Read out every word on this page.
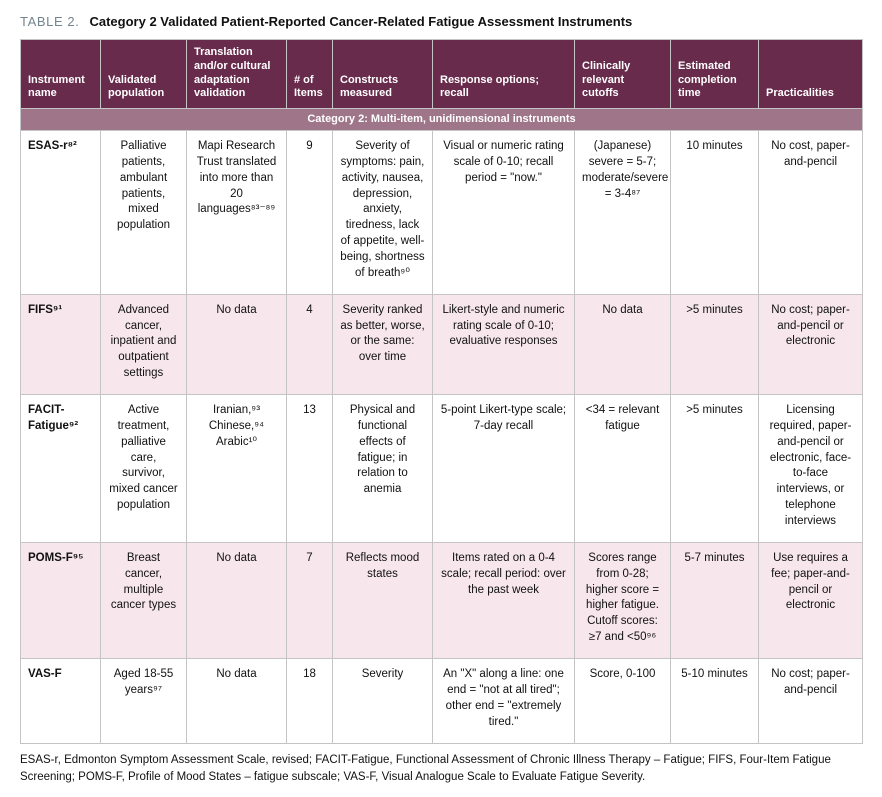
TABLE 2. Category 2 Validated Patient-Reported Cancer-Related Fatigue Assessment Instruments
Instrument name	Validated population	Translation and/or cultural adaptation validation	# of Items	Constructs measured	Response options; recall	Clinically relevant cutoffs	Estimated completion time	Practicalities
Category 2: Multi-item, unidimensional instruments								
ESAS-r⁸²	Palliative patients, ambulant patients, mixed population	Mapi Research Trust translated into more than 20 languages⁸³⁻⁸⁹	9	Severity of symptoms: pain, activity, nausea, depression, anxiety, tiredness, lack of appetite, well-being, shortness of breath⁹⁰	Visual or numeric rating scale of 0-10; recall period = "now."	(Japanese) severe = 5-7; moderate/severe = 3-4⁸⁷	10 minutes	No cost, paper-and-pencil
FIFS⁹¹	Advanced cancer, inpatient and outpatient settings	No data	4	Severity ranked as better, worse, or the same: over time	Likert-style and numeric rating scale of 0-10; evaluative responses	No data	>5 minutes	No cost; paper-and-pencil or electronic
FACIT-Fatigue⁹²	Active treatment, palliative care, survivor, mixed cancer population	Iranian,⁹³ Chinese,⁹⁴ Arabic¹⁰	13	Physical and functional effects of fatigue; in relation to anemia	5-point Likert-type scale; 7-day recall	<34 = relevant fatigue	>5 minutes	Licensing required, paper-and-pencil or electronic, face-to-face interviews, or telephone interviews
POMS-F⁹⁵	Breast cancer, multiple cancer types	No data	7	Reflects mood states	Items rated on a 0-4 scale; recall period: over the past week	Scores range from 0-28; higher score = higher fatigue. Cutoff scores: ≥7 and <50⁹⁶	5-7 minutes	Use requires a fee; paper-and-pencil or electronic
VAS-F	Aged 18-55 years⁹⁷	No data	18	Severity	An "X" along a line: one end = "not at all tired"; other end = "extremely tired."	Score, 0-100	5-10 minutes	No cost; paper-and-pencil
ESAS-r, Edmonton Symptom Assessment Scale, revised; FACIT-Fatigue, Functional Assessment of Chronic Illness Therapy – Fatigue; FIFS, Four-Item Fatigue Screening; POMS-F, Profile of Mood States – fatigue subscale; VAS-F, Visual Analogue Scale to Evaluate Fatigue Severity.
